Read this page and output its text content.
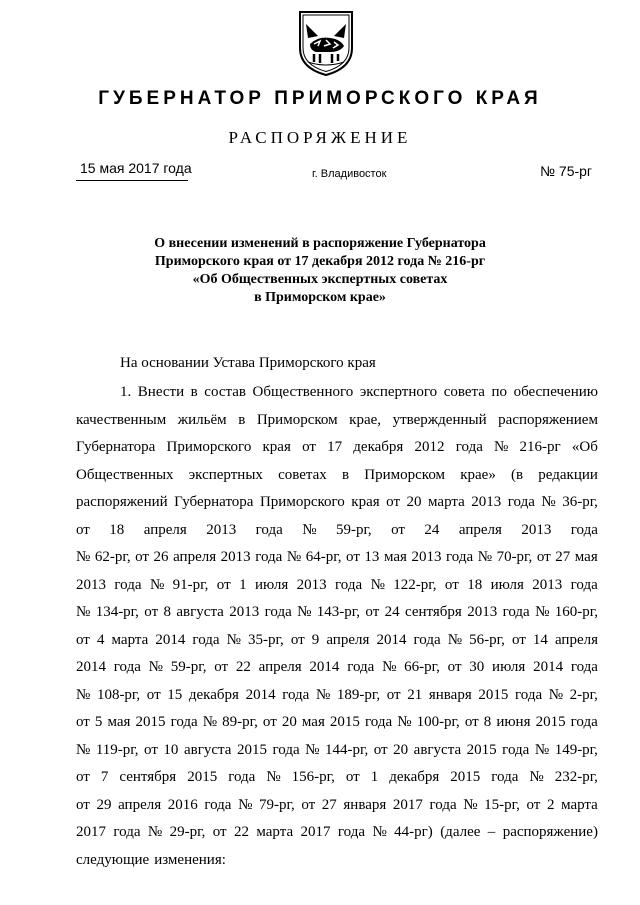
ГУБЕРНАТОР ПРИМОРСКОГО КРАЯ
РАСПОРЯЖЕНИЕ
15 мая 2017 года	г. Владивосток	№ 75-рг
О внесении изменений в распоряжение Губернатора
Приморского края от 17 декабря 2012 года № 216-рг
«Об Общественных экспертных советах
в Приморском крае»
На основании Устава Приморского края
1. Внести в состав Общественного экспертного совета по обеспечению
качественным жильём в Приморском крае, утвержденный распоряжением
Губернатора Приморского края от 17 декабря 2012 года № 216-рг «Об
Общественных экспертных советах в Приморском крае» (в редакции
распоряжений Губернатора Приморского края от 20 марта 2013 года № 36-рг,
от 18 апреля 2013 года № 59-рг, от 24 апреля 2013 года
№ 62-рг, от 26 апреля 2013 года № 64-рг, от 13 мая 2013 года № 70-рг, от 27 мая
2013 года № 91-рг, от 1 июля 2013 года № 122-рг, от 18 июля 2013 года
№ 134-рг, от 8 августа 2013 года № 143-рг, от 24 сентября 2013 года № 160-рг,
от 4 марта 2014 года № 35-рг, от 9 апреля 2014 года № 56-рг, от 14 апреля
2014 года № 59-рг, от 22 апреля 2014 года № 66-рг, от 30 июля 2014 года
№ 108-рг, от 15 декабря 2014 года № 189-рг, от 21 января 2015 года № 2-рг,
от 5 мая 2015 года № 89-рг, от 20 мая 2015 года № 100-рг, от 8 июня 2015 года
№ 119-рг, от 10 августа 2015 года № 144-рг, от 20 августа 2015 года № 149-рг,
от 7 сентября 2015 года № 156-рг, от 1 декабря 2015 года № 232-рг,
от 29 апреля 2016 года № 79-рг, от 27 января 2017 года № 15-рг, от 2 марта
2017 года № 29-рг, от 22 марта 2017 года № 44-рг) (далее – распоряжение)
следующие изменения:
